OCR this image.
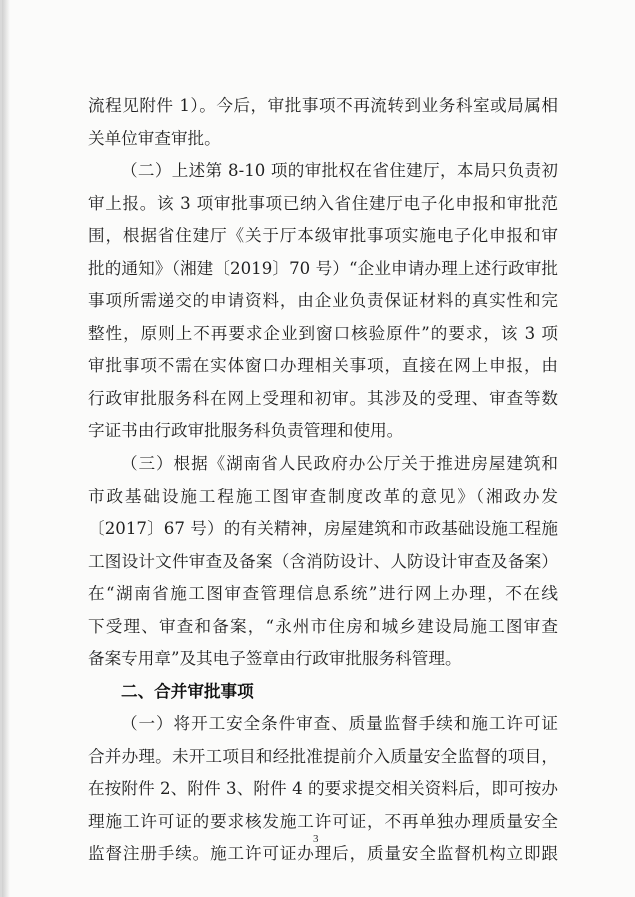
流程见附件 1）。今后，审批事项不再流转到业务科室或局属相
关单位审查审批。
（二）上述第 8-10 项的审批权在省住建厅，本局只负责初
审上报。该 3 项审批事项已纳入省住建厅电子化申报和审批范
围，根据省住建厅《关于厅本级审批事项实施电子化申报和审
批的通知》（湘建〔2019〕70 号）“企业申请办理上述行政审批
事项所需递交的申请资料，由企业负责保证材料的真实性和完
整性，原则上不再要求企业到窗口核验原件”的要求，该 3 项
审批事项不需在实体窗口办理相关事项，直接在网上申报，由
行政审批服务科在网上受理和初审。其涉及的受理、审查等数
字证书由行政审批服务科负责管理和使用。
（三）根据《湖南省人民政府办公厅关于推进房屋建筑和
市政基础设施工程施工图审查制度改革的意见》（湘政办发
〔2017〕67 号）的有关精神，房屋建筑和市政基础设施工程施
工图设计文件审查及备案（含消防设计、人防设计审查及备案）
在“湖南省施工图审查管理信息系统”进行网上办理，不在线
下受理、审查和备案，“永州市住房和城乡建设局施工图审查
备案专用章”及其电子签章由行政审批服务科管理。
二、合并审批事项
（一）将开工安全条件审查、质量监督手续和施工许可证
合并办理。未开工项目和经批准提前介入质量安全监督的项目，
在按附件 2、附件 3、附件 4 的要求提交相关资料后，即可按办
理施工许可证的要求核发施工许可证，不再单独办理质量安全
监督注册手续。施工许可证办理后，质量安全监督机构立即跟
3
